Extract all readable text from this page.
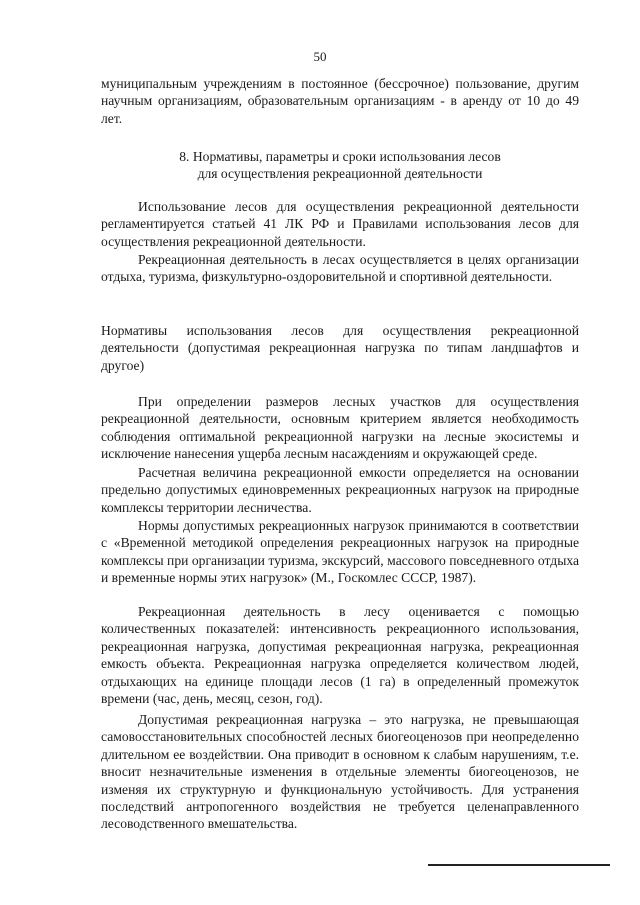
50

муниципальным учреждениям в постоянное (бессрочное) пользование, другим научным организациям, образовательным организациям - в аренду от 10 до 49 лет.

8. Нормативы, параметры и сроки использования лесов
для осуществления рекреационной деятельности

Использование лесов для осуществления рекреационной деятельности регламентируется статьей 41 ЛК РФ и Правилами использования лесов для осуществления рекреационной деятельности.

Рекреационная деятельность в лесах осуществляется в целях организации отдыха, туризма, физкультурно-оздоровительной и спортивной деятельности.

Нормативы использования лесов для осуществления рекреационной деятельности (допустимая рекреационная нагрузка по типам ландшафтов и другое)

При определении размеров лесных участков для осуществления рекреационной деятельности, основным критерием является необходимость соблюдения оптимальной рекреационной нагрузки на лесные экосистемы и исключение нанесения ущерба лесным насаждениям и окружающей среде.

Расчетная величина рекреационной емкости определяется на основании предельно допустимых единовременных рекреационных нагрузок на природные комплексы территории лесничества.

Нормы допустимых рекреационных нагрузок принимаются в соответствии с «Временной методикой определения рекреационных нагрузок на природные комплексы при организации туризма, экскурсий, массового повседневного отдыха и временные нормы этих нагрузок» (М., Госкомлес СССР, 1987).

Рекреационная деятельность в лесу оценивается с помощью количественных показателей: интенсивность рекреационного использования, рекреационная нагрузка, допустимая рекреационная нагрузка, рекреационная емкость объекта. Рекреационная нагрузка определяется количеством людей, отдыхающих на единице площади лесов (1 га) в определенный промежуток времени (час, день, месяц, сезон, год).

Допустимая рекреационная нагрузка – это нагрузка, не превышающая самовосстановительных способностей лесных биогеоценозов при неопределенно длительном ее воздействии. Она приводит в основном к слабым нарушениям, т.е. вносит незначительные изменения в отдельные элементы биогеоценозов, не изменяя их структурную и функциональную устойчивость. Для устранения последствий антропогенного воздействия не требуется целенаправленного лесоводственного вмешательства.
